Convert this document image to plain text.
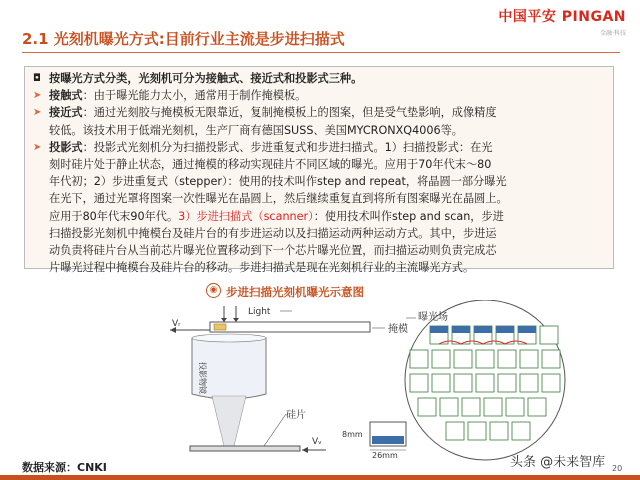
中国平安 PINGAN
金融·科技
2.1 光刻机曝光方式:目前行业主流是步进扫描式
◘ 按曝光方式分类，光刻机可分为接触式、接近式和投影式三种。
➤ 接触式：由于曝光能力太小，通常用于制作掩模板。
➤ 接近式：通过光刻胶与掩模板无限靠近，复制掩模板上的图案，但是受气垫影响，成像精度
较低。该技术用于低端光刻机，生产厂商有德国SUSS、美国MYCRONXQ4006等。
➤ 投影式：投影式光刻机分为扫描投影式、步进重复式和步进扫描式。1）扫描投影式：在光
刻时硅片处于静止状态，通过掩模的移动实现硅片不同区域的曝光。应用于70年代末～80
年代初；2）步进重复式（stepper）：使用的技术叫作step and repeat，将晶圆一部分曝光
在光下，通过光罩将图案一次性曝光在晶圆上，然后继续重复直到将所有图案曝光在晶圆上。
应用于80年代末90年代。3）步进扫描式（scanner）：使用技术叫作step and scan，步进
扫描投影光刻机中掩模台及硅片台的有步进运动以及扫描运动两种运动方式。其中，步进运
动负责将硅片台从当前芯片曝光位置移动到下一个芯片曝光位置，而扫描运动则负责完成芯
片曝光过程中掩模台及硅片台的移动。步进扫描式是现在光刻机行业的主流曝光方式。
◉ 步进扫描光刻机曝光示意图
Vᵣ	掩模
Light
投影物镜
硅片
Vᵥ
曝光场
8mm
26mm
数据来源：CNKI	头条 @未来智库 20
